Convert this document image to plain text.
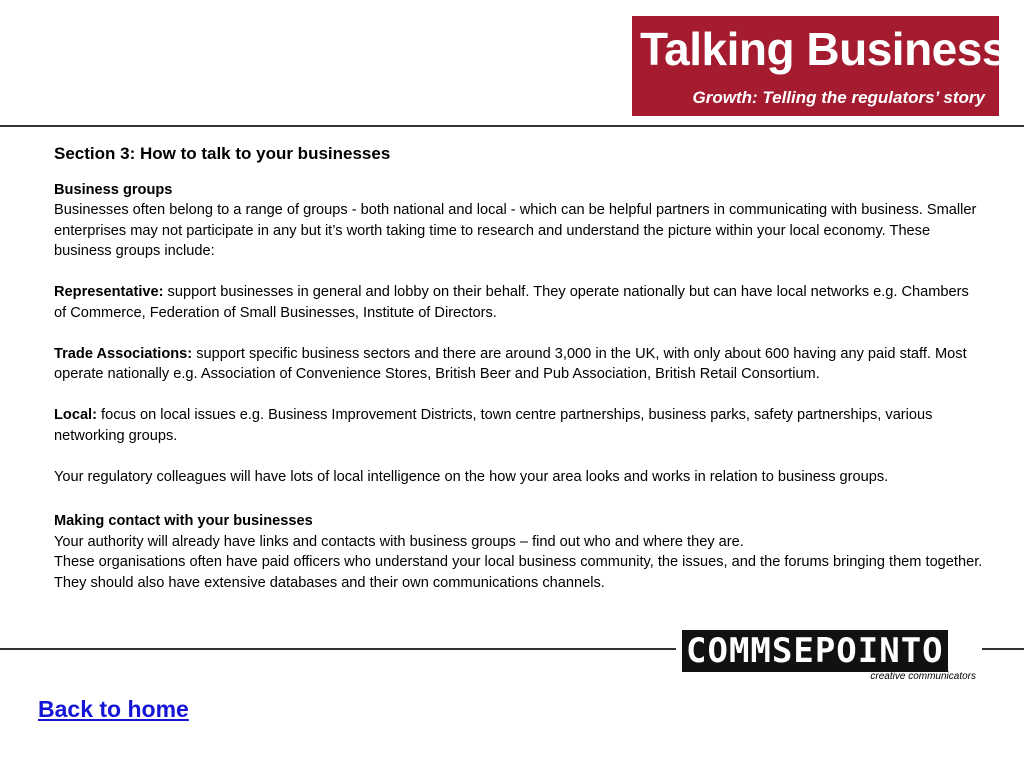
Talking Business
Growth: Telling the regulators’ story

Section 3: How to talk to your businesses

Business groups

Businesses often belong to a range of groups - both national and local - which can be helpful partners in communicating with business. Smaller enterprises may not participate in any but it’s worth taking time to research and understand the picture within your local economy. These business groups include:

Representative: support businesses in general and lobby on their behalf. They operate nationally but can have local networks e.g. Chambers of Commerce, Federation of Small Businesses, Institute of Directors.

Trade Associations: support specific business sectors and there are around 3,000 in the UK, with only about 600 having any paid staff. Most operate nationally e.g. Association of Convenience Stores, British Beer and Pub Association, British Retail Consortium.

Local: focus on local issues e.g. Business Improvement Districts, town centre partnerships, business parks, safety partnerships, various networking groups.

Your regulatory colleagues will have lots of local intelligence on the how your area looks and works in relation to business groups.

Making contact with your businesses

Your authority will already have links and contacts with business groups – find out who and where they are.

These organisations often have paid officers who understand your local business community, the issues, and the forums bringing them together. They should also have extensive databases and their own communications channels.

COMMSEPOINTO
creative communicators
Back to home
